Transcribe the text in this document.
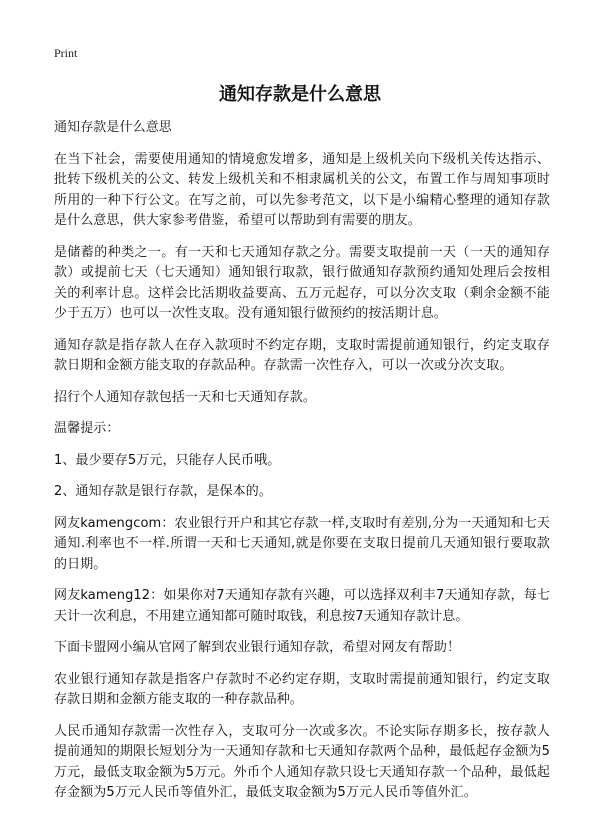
Print
通知存款是什么意思

通知存款是什么意思

在当下社会，需要使用通知的情境愈发增多，通知是上级机关向下级机关传达指示、批转下级机关的公文、转发上级机关和不相隶属机关的公文，布置工作与周知事项时所用的一种下行公文。在写之前，可以先参考范文，以下是小编精心整理的通知存款是什么意思，供大家参考借鉴，希望可以帮助到有需要的朋友。

是储蓄的种类之一。有一天和七天通知存款之分。需要支取提前一天（一天的通知存款）或提前七天（七天通知）通知银行取款，银行做通知存款预约通知处理后会按相关的利率计息。这样会比活期收益要高、五万元起存，可以分次支取（剩余金额不能少于五万）也可以一次性支取。没有通知银行做预约的按活期计息。

通知存款是指存款人在存入款项时不约定存期，支取时需提前通知银行，约定支取存款日期和金额方能支取的存款品种。存款需一次性存入，可以一次或分次支取。

招行个人通知存款包括一天和七天通知存款。

温馨提示：

1、最少要存5万元，只能存人民币哦。

2、通知存款是银行存款，是保本的。

网友kamengcom：农业银行开户和其它存款一样,支取时有差别,分为一天通知和七天通知.利率也不一样.所谓一天和七天通知,就是你要在支取日提前几天通知银行要取款的日期。

网友kameng12：如果你对7天通知存款有兴趣，可以选择双利丰7天通知存款，每七天计一次利息，不用建立通知都可随时取钱，利息按7天通知存款计息。

下面卡盟网小编从官网了解到农业银行通知存款，希望对网友有帮助！

农业银行通知存款是指客户存款时不必约定存期，支取时需提前通知银行，约定支取存款日期和金额方能支取的一种存款品种。

人民币通知存款需一次性存入，支取可分一次或多次。不论实际存期多长，按存款人提前通知的期限长短划分为一天通知存款和七天通知存款两个品种，最低起存金额为5万元，最低支取金额为5万元。外币个人通知存款只设七天通知存款一个品种，最低起存金额为5万元人民币等值外汇，最低支取金额为5万元人民币等值外汇。
